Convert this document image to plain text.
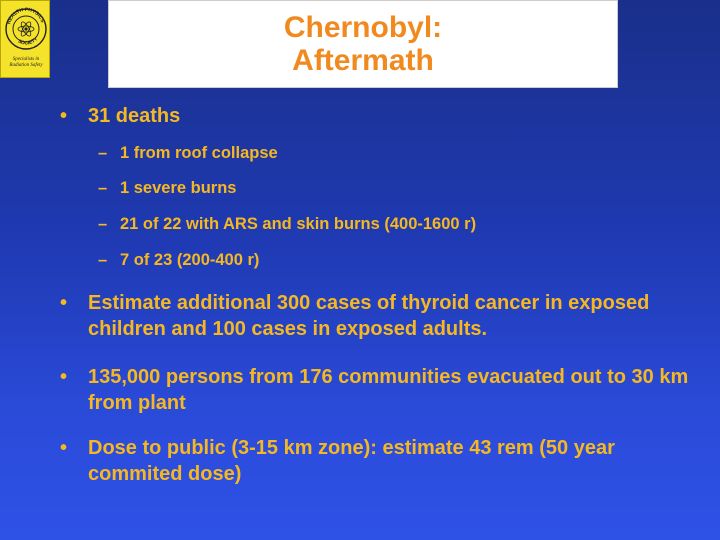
HEALTH PHYSICS
SOCIETY
Specialists in
Radiation Safety
Chernobyl:
Aftermath
•	31 deaths
– 1 from roof collapse
– 1 severe burns
– 21 of 22 with ARS and skin burns (400-1600 r)
– 7 of 23 (200-400 r)
•	Estimate additional 300 cases of thyroid cancer in exposed children and 100 cases in exposed adults.
•	135,000 persons from 176 communities evacuated out to 30 km from plant
•	Dose to public (3-15 km zone): estimate 43 rem (50 year commited dose)
